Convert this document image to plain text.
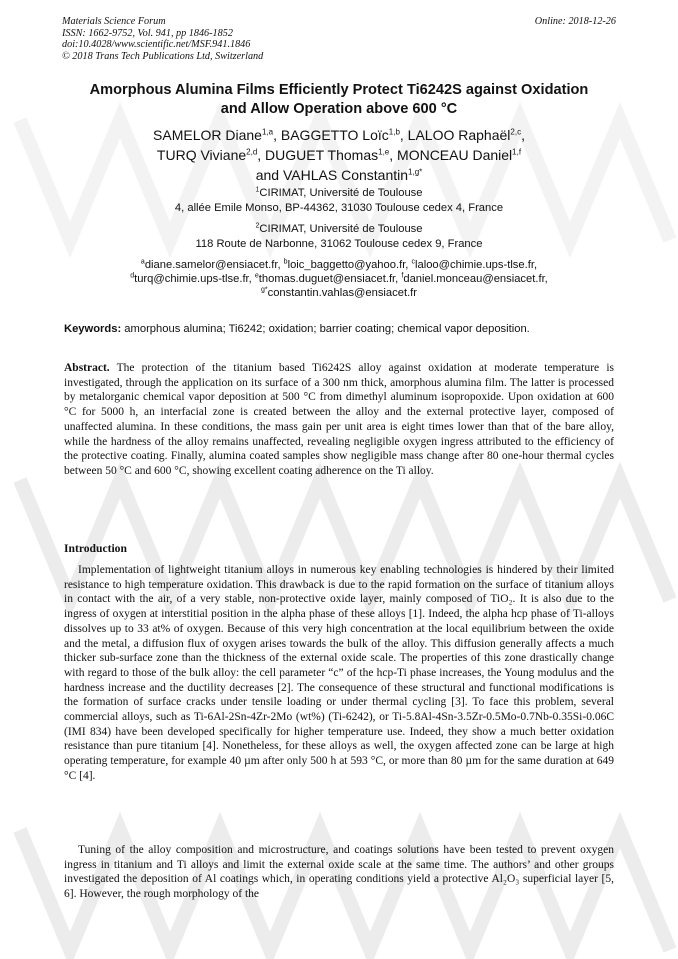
Materials Science Forum
ISSN: 1662-9752, Vol. 941, pp 1846-1852
doi:10.4028/www.scientific.net/MSF.941.1846
© 2018 Trans Tech Publications Ltd, Switzerland
Online: 2018-12-26
Amorphous Alumina Films Efficiently Protect Ti6242S against Oxidation
and Allow Operation above 600 °C
SAMELOR Diane$^{1,a}$, BAGGETTO Loïc$^{1,b}$, LALOO Raphaël$^{2,c}$,
TURQ Viviane$^{2,d}$, DUGUET Thomas$^{1,e}$, MONCEAU Daniel$^{1,f}$
and VAHLAS Constantin$^{1,g*}$
$^1$CIRIMAT, Université de Toulouse
4, allée Emile Monso, BP-44362, 31030 Toulouse cedex 4, France
$^2$CIRIMAT, Université de Toulouse
118 Route de Narbonne, 31062 Toulouse cedex 9, France
$^a$diane.samelor@ensiacet.fr, $^b$loic_baggetto@yahoo.fr, $^c$laloo@chimie.ups-tlse.fr,
$^d$turq@chimie.ups-tlse.fr, $^e$thomas.duguet@ensiacet.fr, $^f$daniel.monceau@ensiacet.fr,
$^{g*}$constantin.vahlas@ensiacet.fr
Keywords: amorphous alumina; Ti6242; oxidation; barrier coating; chemical vapor deposition.

Abstract. The protection of the titanium based Ti6242S alloy against oxidation at moderate temperature is investigated, through the application on its surface of a 300 nm thick, amorphous alumina film. The latter is processed by metalorganic chemical vapor deposition at 500 °C from dimethyl aluminum isopropoxide. Upon oxidation at 600 °C for 5000 h, an interfacial zone is created between the alloy and the external protective layer, composed of unaffected alumina. In these conditions, the mass gain per unit area is eight times lower than that of the bare alloy, while the hardness of the alloy remains unaffected, revealing negligible oxygen ingress attributed to the efficiency of the protective coating. Finally, alumina coated samples show negligible mass change after 80 one-hour thermal cycles between 50 °C and 600 °C, showing excellent coating adherence on the Ti alloy.

Introduction

Implementation of lightweight titanium alloys in numerous key enabling technologies is hindered by their limited resistance to high temperature oxidation. This drawback is due to the rapid formation on the surface of titanium alloys in contact with the air, of a very stable, non-protective oxide layer, mainly composed of TiO₂. It is also due to the ingress of oxygen at interstitial position in the alpha phase of these alloys [1]. Indeed, the alpha hcp phase of Ti-alloys dissolves up to 33 at% of oxygen. Because of this very high concentration at the local equilibrium between the oxide and the metal, a diffusion flux of oxygen arises towards the bulk of the alloy. This diffusion generally affects a much thicker sub-surface zone than the thickness of the external oxide scale. The properties of this zone drastically change with regard to those of the bulk alloy: the cell parameter “c” of the hcp-Ti phase increases, the Young modulus and the hardness increase and the ductility decreases [2]. The consequence of these structural and functional modifications is the formation of surface cracks under tensile loading or under thermal cycling [3]. To face this problem, several commercial alloys, such as Ti-6Al-2Sn-4Zr-2Mo (wt%) (Ti-6242), or Ti-5.8Al-4Sn-3.5Zr-0.5Mo-0.7Nb-0.35Si-0.06C (IMI 834) have been developed specifically for higher temperature use. Indeed, they show a much better oxidation resistance than pure titanium [4]. Nonetheless, for these alloys as well, the oxygen affected zone can be large at high operating temperature, for example 40 µm after only 500 h at 593 °C, or more than 80 µm for the same duration at 649 °C [4].

Tuning of the alloy composition and microstructure, and coatings solutions have been tested to prevent oxygen ingress in titanium and Ti alloys and limit the external oxide scale at the same time. The authors’ and other groups investigated the deposition of Al coatings which, in operating conditions yield a protective Al₂O₃ superficial layer [5, 6]. However, the rough morphology of the
